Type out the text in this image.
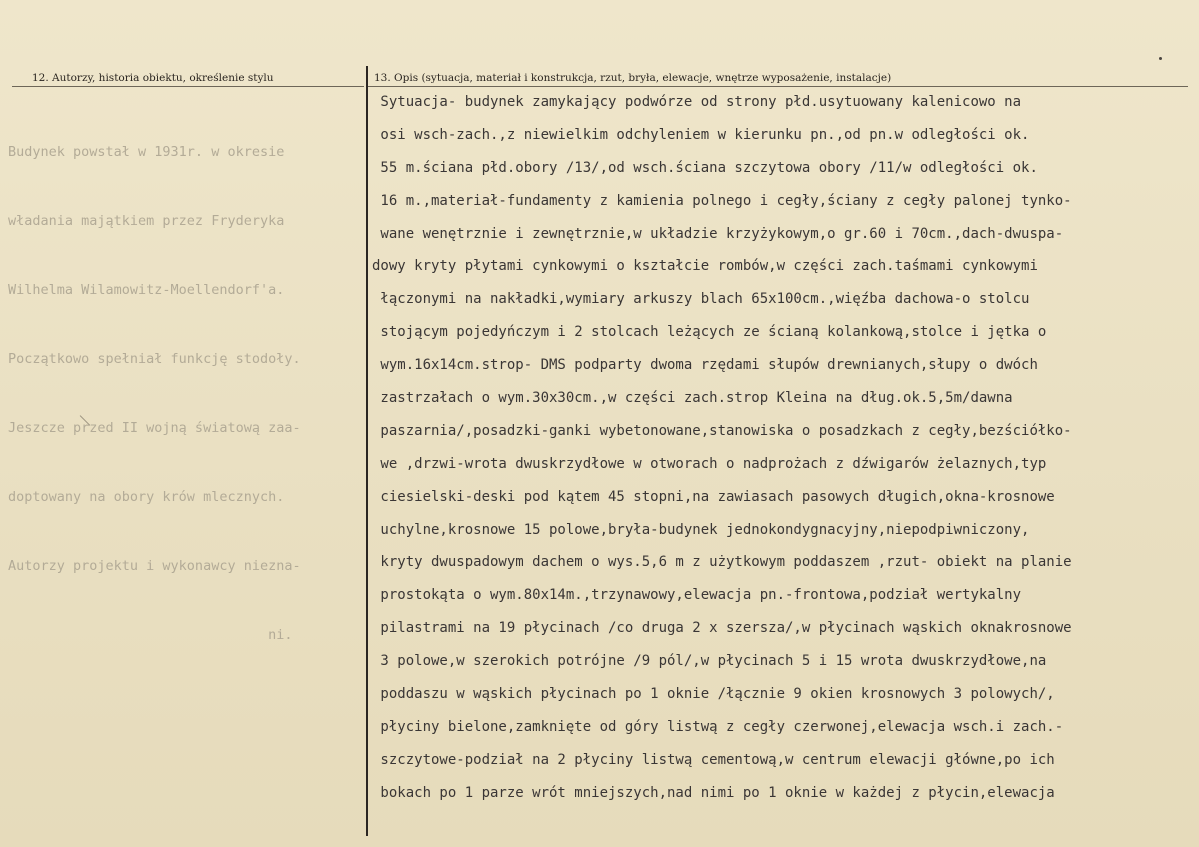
12. Autorzy, historia obiektu, określenie stylu	13. Opis (sytuacja, materiał i konstrukcja, rzut, bryła, elewacje, wnętrze wyposażenie, instalacje)

Budynek powstał w 1931r. w okresie

władania majątkiem przez Fryderyka

Wilhelma Wilamowitz-Moellendorf'a.

Początkowo spełniał funkcję stodoły.

Jeszcze przed II wojną światową zaa-

doptowany na obory krów mlecznych.

Autorzy projektu i wykonawcy niezna-

ni.

Sytuacja- budynek zamykający podwórze od strony płd.usytuowany kalenicowo na
osi wsch-zach.,z niewielkim odchyleniem w kierunku pn.,od pn.w odległości ok.
55 m.ściana płd.obory /13/,od wsch.ściana szczytowa obory /11/w odległości ok.
16 m.,materiał-fundamenty z kamienia polnego i cegły,ściany z cegły palonej tynko-
wane wenętrznie i zewnętrznie,w układzie krzyżykowym,o gr.60 i 70cm.,dach-dwuspa-
dowy kryty płytami cynkowymi o kształcie rombów,w części zach.taśmami cynkowymi
łączonymi na nakładki,wymiary arkuszy blach 65x100cm.,więźba dachowa-o stolcu
stojącym pojedyńczym i 2 stolcach leżących ze ścianą kolankową,stolce i jętka o
wym.16x14cm.strop- DMS podparty dwoma rzędami słupów drewnianych,słupy o dwóch
zastrzałach o wym.30x30cm.,w części zach.strop Kleina na dług.ok.5,5m/dawna
paszarnia/,posadzki-ganki wybetonowane,stanowiska o posadzkach z cegły,bezściółko-
we ,drzwi-wrota dwuskrzydłowe w otworach o nadprożach z dźwigarów żelaznych,typ
ciesielski-deski pod kątem 45 stopni,na zawiasach pasowych długich,okna-krosnowe
uchylne,krosnowe 15 polowe,bryła-budynek jednokondygnacyjny,niepodpiwniczony,
kryty dwuspadowym dachem o wys.5,6 m z użytkowym poddaszem ,rzut- obiekt na planie
prostokąta o wym.80x14m.,trzynawowy,elewacja pn.-frontowa,podział wertykalny
pilastrami na 19 płycinach /co druga 2 x szersza/,w płycinach wąskich oknakrosnowe
3 polowe,w szerokich potrójne /9 pól/,w płycinach 5 i 15 wrota dwuskrzydłowe,na
poddaszu w wąskich płycinach po 1 oknie /łącznie 9 okien krosnowych 3 polowych/,
płyciny bielone,zamknięte od góry listwą z cegły czerwonej,elewacja wsch.i zach.-
szczytowe-podział na 2 płyciny listwą cementową,w centrum elewacji główne,po ich
bokach po 1 parze wrót mniejszych,nad nimi po 1 oknie w każdej z płycin,elewacja
